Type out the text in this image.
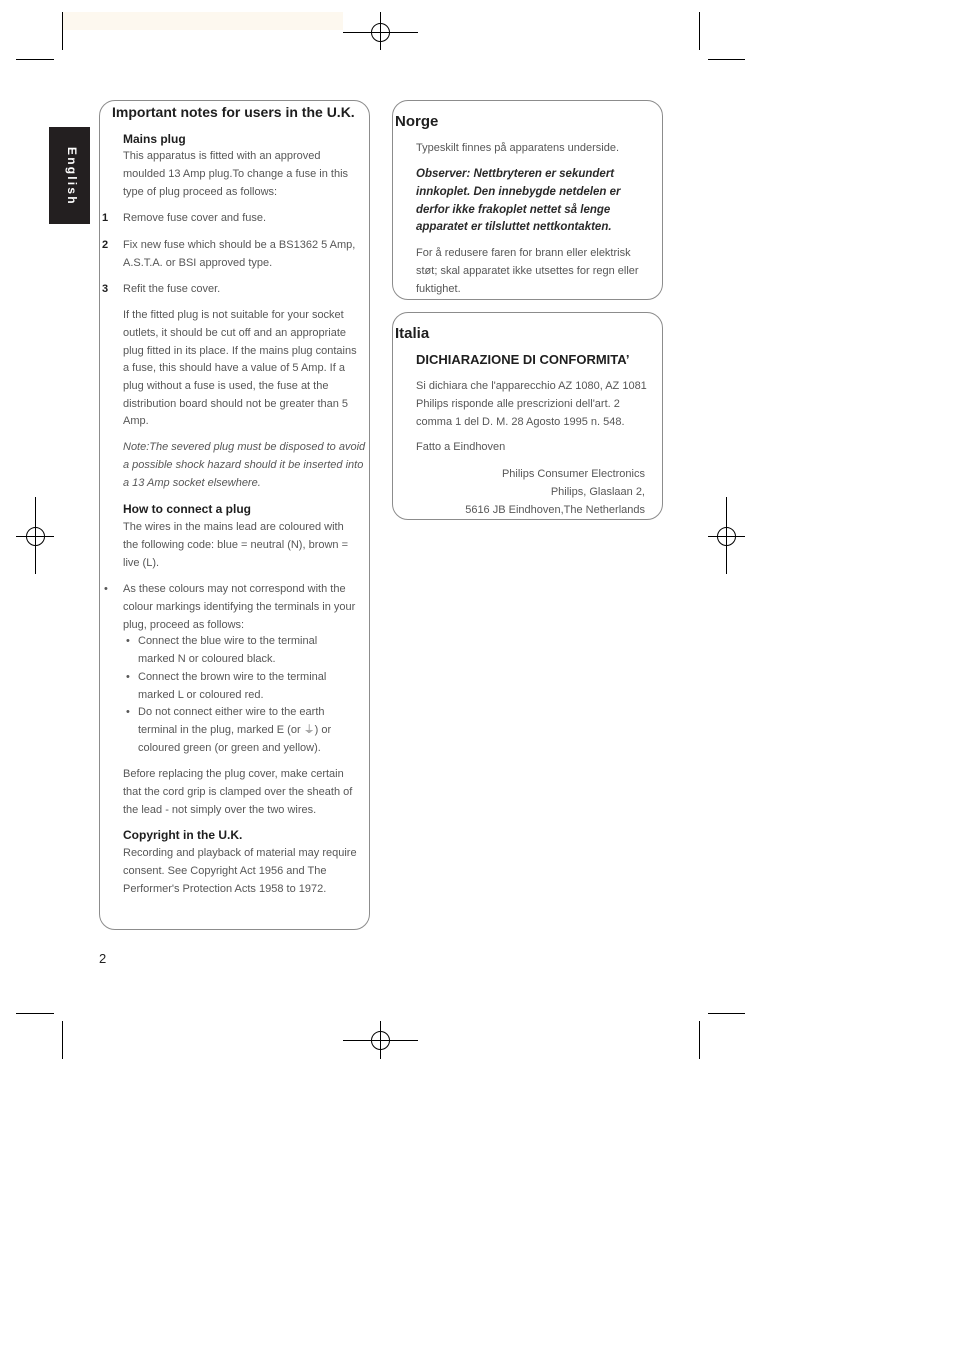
English
Important notes for users in the U.K.
Mains plug
This apparatus is fitted with an approved
moulded 13 Amp plug.To change a fuse in this
type of plug proceed as follows:
1 Remove fuse cover and fuse.
2 Fix new fuse which should be a BS1362 5 Amp,
A.S.T.A. or BSI approved type.
3 Refit the fuse cover.
If the fitted plug is not suitable for your socket
outlets, it should be cut off and an appropriate
plug fitted in its place. If the mains plug contains
a fuse, this should have a value of 5 Amp. If a
plug without a fuse is used, the fuse at the
distribution board should not be greater than 5
Amp.
Note:The severed plug must be disposed to avoid
a possible shock hazard should it be inserted into
a 13 Amp socket elsewhere.
How to connect a plug
The wires in the mains lead are coloured with
the following code: blue = neutral (N), brown =
live (L).
• As these colours may not correspond with the
colour markings identifying the terminals in your
plug, proceed as follows:
• Connect the blue wire to the terminal
marked N or coloured black.
• Connect the brown wire to the terminal
marked L or coloured red.
• Do not connect either wire to the earth
terminal in the plug, marked E (or ⏚) or
coloured green (or green and yellow).
Before replacing the plug cover, make certain
that the cord grip is clamped over the sheath of
the lead - not simply over the two wires.
Copyright in the U.K.
Recording and playback of material may require
consent. See Copyright Act 1956 and The
Performer's Protection Acts 1958 to 1972.
Norge
Typeskilt finnes på apparatens underside.
Observer: Nettbryteren er sekundert
innkoplet. Den innebygde netdelen er
derfor ikke frakoplet nettet så lenge
apparatet er tilsluttet nettkontakten.
For å redusere faren for brann eller elektrisk
støt; skal apparatet ikke utsettes for regn eller
fuktighet.
Italia
DICHIARAZIONE DI CONFORMITA’
Si dichiara che l'apparecchio AZ 1080, AZ 1081
Philips risponde alle prescrizioni dell'art. 2
comma 1 del D. M. 28 Agosto 1995 n. 548.
Fatto a Eindhoven
Philips Consumer Electronics
Philips, Glaslaan 2,
5616 JB Eindhoven,The Netherlands
2
